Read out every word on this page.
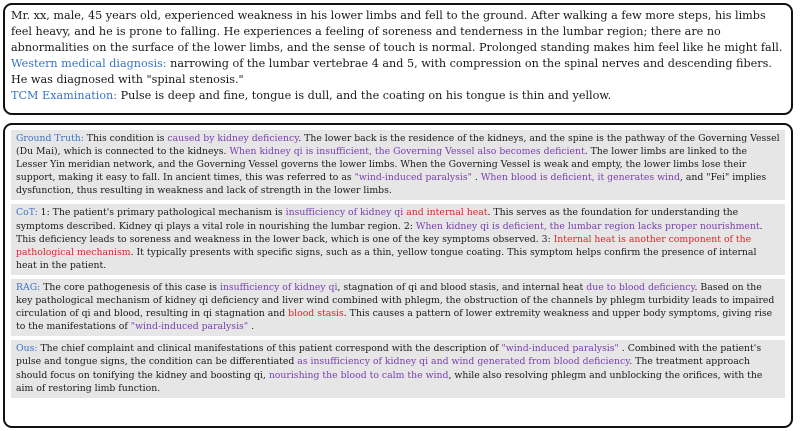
Mr. xx, male, 45 years old, experienced weakness in his lower limbs and fell to the ground. After walking a few more steps, his limbs feel heavy, and he is prone to falling. He experiences a feeling of soreness and tenderness in the lumbar region; there are no abnormalities on the surface of the lower limbs, and the sense of touch is normal. Prolonged standing makes him feel like he might fall.
Western medical diagnosis: narrowing of the lumbar vertebrae 4 and 5, with compression on the spinal nerves and descending fibers. He was diagnosed with "spinal stenosis."
TCM Examination: Pulse is deep and fine, tongue is dull, and the coating on his tongue is thin and yellow.
Ground Truth: This condition is caused by kidney deficiency. The lower back is the residence of the kidneys, and the spine is the pathway of the Governing Vessel (Du Mai), which is connected to the kidneys. When kidney qi is insufficient, the Governing Vessel also becomes deficient. The lower limbs are linked to the Lesser Yin meridian network, and the Governing Vessel governs the lower limbs. When the Governing Vessel is weak and empty, the lower limbs lose their support, making it easy to fall. In ancient times, this was referred to as "wind-induced paralysis" . When blood is deficient, it generates wind, and "Fei" implies dysfunction, thus resulting in weakness and lack of strength in the lower limbs.
CoT: 1: The patient's primary pathological mechanism is insufficiency of kidney qi and internal heat. This serves as the foundation for understanding the symptoms described. Kidney qi plays a vital role in nourishing the lumbar region. 2: When kidney qi is deficient, the lumbar region lacks proper nourishment. This deficiency leads to soreness and weakness in the lower back, which is one of the key symptoms observed. 3: Internal heat is another component of the pathological mechanism. It typically presents with specific signs, such as a thin, yellow tongue coating. This symptom helps confirm the presence of internal heat in the patient.
RAG: The core pathogenesis of this case is insufficiency of kidney qi, stagnation of qi and blood stasis, and internal heat due to blood deficiency. Based on the key pathological mechanism of kidney qi deficiency and liver wind combined with phlegm, the obstruction of the channels by phlegm turbidity leads to impaired circulation of qi and blood, resulting in qi stagnation and blood stasis. This causes a pattern of lower extremity weakness and upper body symptoms, giving rise to the manifestations of "wind-induced paralysis" .
Ous: The chief complaint and clinical manifestations of this patient correspond with the description of "wind-induced paralysis" . Combined with the patient's pulse and tongue signs, the condition can be differentiated as insufficiency of kidney qi and wind generated from blood deficiency. The treatment approach should focus on tonifying the kidney and boosting qi, nourishing the blood to calm the wind, while also resolving phlegm and unblocking the orifices, with the aim of restoring limb function.
